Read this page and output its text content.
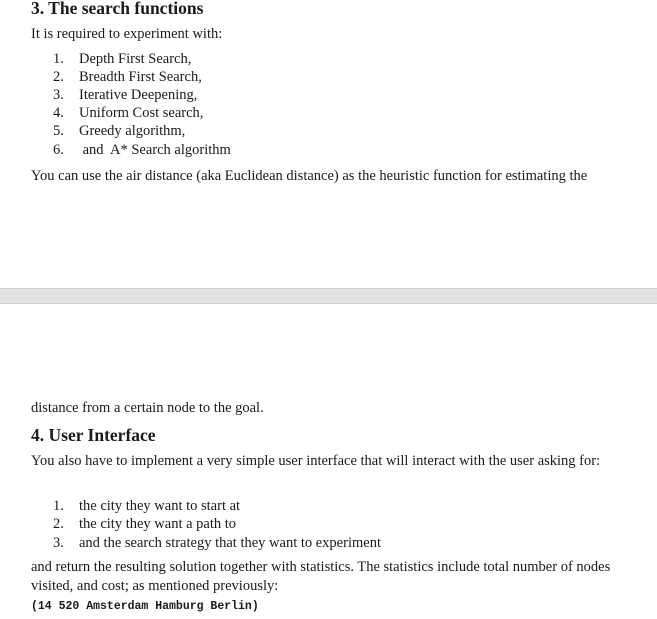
3. The search functions

It is required to experiment with:

1. Depth First Search,
2. Breadth First Search,
3. Iterative Deepening,
4. Uniform Cost search,
5. Greedy algorithm,
6. and  A* Search algorithm

You can use the air distance (aka Euclidean distance) as the heuristic function for estimating the

distance from a certain node to the goal.

4. User Interface

You also have to implement a very simple user interface that will interact with the user asking for:

1. the city they want to start at
2. the city they want a path to
3. and the search strategy that they want to experiment

and return the resulting solution together with statistics. The statistics include total number of nodes visited, and cost; as mentioned previously:

(14 520 Amsterdam Hamburg Berlin)
